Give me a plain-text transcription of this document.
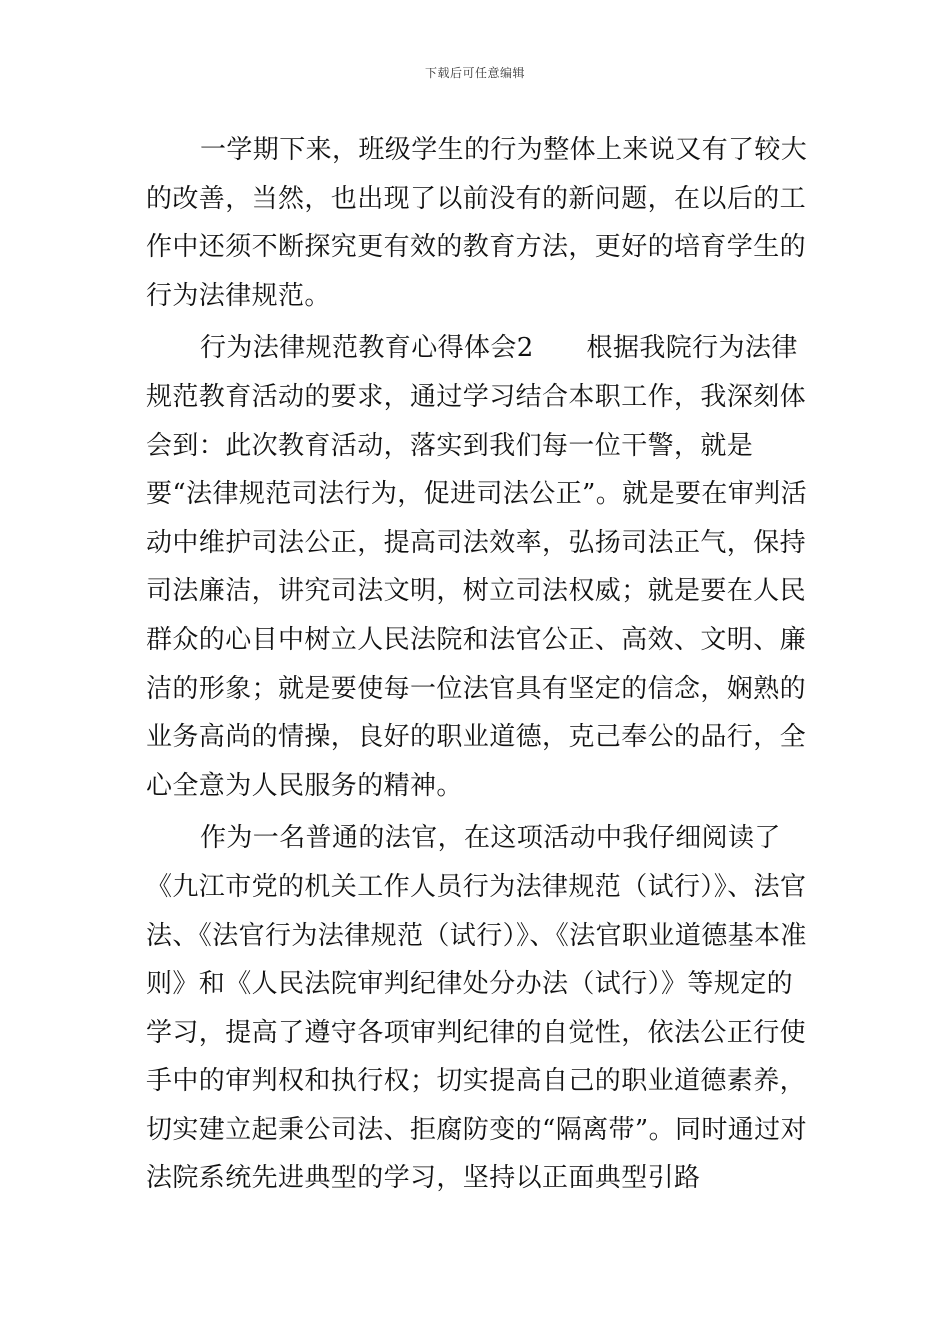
下载后可任意编辑

一学期下来，班级学生的行为整体上来说又有了较大的改善，当然，也出现了以前没有的新问题，在以后的工作中还须不断探究更有效的教育方法，更好的培育学生的行为法律规范。

行为法律规范教育心得体会2　　根据我院行为法律规范教育活动的要求，通过学习结合本职工作，我深刻体会到：此次教育活动，落实到我们每一位干警，就是要“法律规范司法行为，促进司法公正”。就是要在审判活动中维护司法公正，提高司法效率，弘扬司法正气，保持司法廉洁，讲究司法文明，树立司法权威；就是要在人民群众的心目中树立人民法院和法官公正、高效、文明、廉洁的形象；就是要使每一位法官具有坚定的信念，娴熟的业务高尚的情操，良好的职业道德，克己奉公的品行，全心全意为人民服务的精神。

作为一名普通的法官，在这项活动中我仔细阅读了《九江市党的机关工作人员行为法律规范（试行）》、法官法、《法官行为法律规范（试行）》、《法官职业道德基本准则》和《人民法院审判纪律处分办法（试行）》等规定的学习，提高了遵守各项审判纪律的自觉性，依法公正行使手中的审判权和执行权；切实提高自己的职业道德素养，切实建立起秉公司法、拒腐防变的“隔离带”。同时通过对法院系统先进典型的学习，坚持以正面典型引路
